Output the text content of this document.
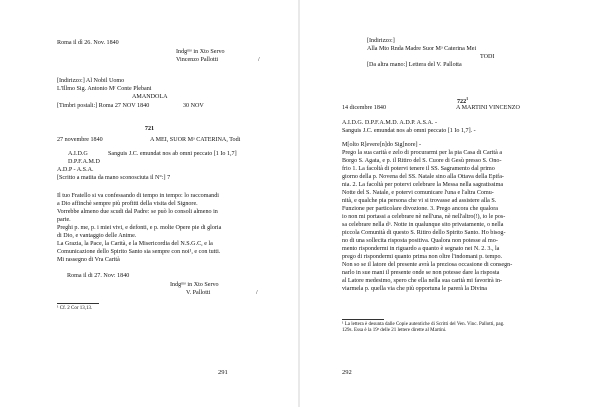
Roma il dì 26. Nov. 1840
Indgᵐᵒ in Xto Servo
Vincenzo Pallotti	/
[Indirizzo:] Al Nobil Uomo
L'Illmo Sig. Antonio Mʳ Conte Plebani
AMANDOLA
[Timbri postali:] Roma 27 NOV 1840	30 NOV
721
27 novembre 1840	A MEI, SUOR Mᵃ CATERINA, Todi
A.I.D.G	Sanguis J.C. emundat nos ab omni peccato [1 Io 1,7]
D.P.F.A.M.D
A.D.P - A.S.A.
[Scritto a matita da mano sconosciuta il N°:] 7
Il tuo Fratello si va confessando di tempo in tempo: lo raccomandi
a Dio affinchè sempre più profitti della visita del Signore.
Vorrebbe almeno due scudi dal Padre: se può lo consoli almeno in
parte.
Preghi p. me, p. i miei vivi, e defonti, e p. molte Opere pie di gloria
di Dio, e vantaggio delle Anime.
La Grazia, la Pace, la Carità, e la Misericordia del N.S.G.C, e la
Comunicazione dello Spirito Santo sia sempre con noi¹, e con tutti.
Mi rassegno di Vra Carità
Roma il di 27. Nov: 1840
Indgᵐᵒ in Xto Servo
V. Pallotti	/
¹ Cf. 2 Cor 13,13.
291
[Indirizzo:]
Alla Mto Rnda Madre Suor Mᵃ Caterina Mei
TODI
[Da altra mano:] Lettera del V. Pallotta
$722^1$
14 dicembre 1840	A MARTINI VINCENZO
A.I.D.G. D.P.F.A.M.D. A.D.P. A.S.A. -
Sanguis J.C. emundat nos ab omni peccato [1 Io 1,7]. -
M[olto R]evere[n]do Sig[nore] -
Prego la sua carità e zelo di procurarmi per la pia Casa di Carità a
Borgo S. Agata, e p. il Ritiro del S. Cuore di Gesù presso S. Ono-
frio 1. La facoltà di potervi tenere il SS. Sagramento dal primo
giorno della p. Novena del SS. Natale sino alla Ottava della Epifa-
nia. 2. La facoltà per potervi celebrare la Messa nella sagratissima
Notte del S. Natale, e potervi comunicare l'una e l'altra Comu-
nità, e qualche pia persona che vi si trovasse ad assistere alla S.
Funzione per particolare divozione. 3. Prego ancora che qualora
io non mi portassi a celebrare nè nell'una, nè nell'altro(!), io le pos-
sa celebrare nella dᵃ. Notte in qualunque sito privatamente, o nella
piccola Comunità di questo S. Ritiro dello Spirito Santo. Ho bisog-
no di una sollecita risposta positiva. Qualora non potesse al mo-
mento rispondermi in riguardo a quanto è segnato nei N. 2. 3., la
prego di rispondermi quanto prima non oltre l'indomani p. tempo.
Non so se il latore del presente avrà la preziosa occasione di consegn-
narlo in sue mani il presente onde se non potesse dare la risposta
al Latore medesimo, spero che ella nella sua carità mi favorirà in-
viarmela p. quella via che più opportuna le parerà la Divina
¹ La lettera è desunta dalle Copie autentiche di Scritti del Ven. Vinc. Pallotti, pag.
129s. Essa è la 19ᵃ delle 21 lettere dirette al Martini.
292
